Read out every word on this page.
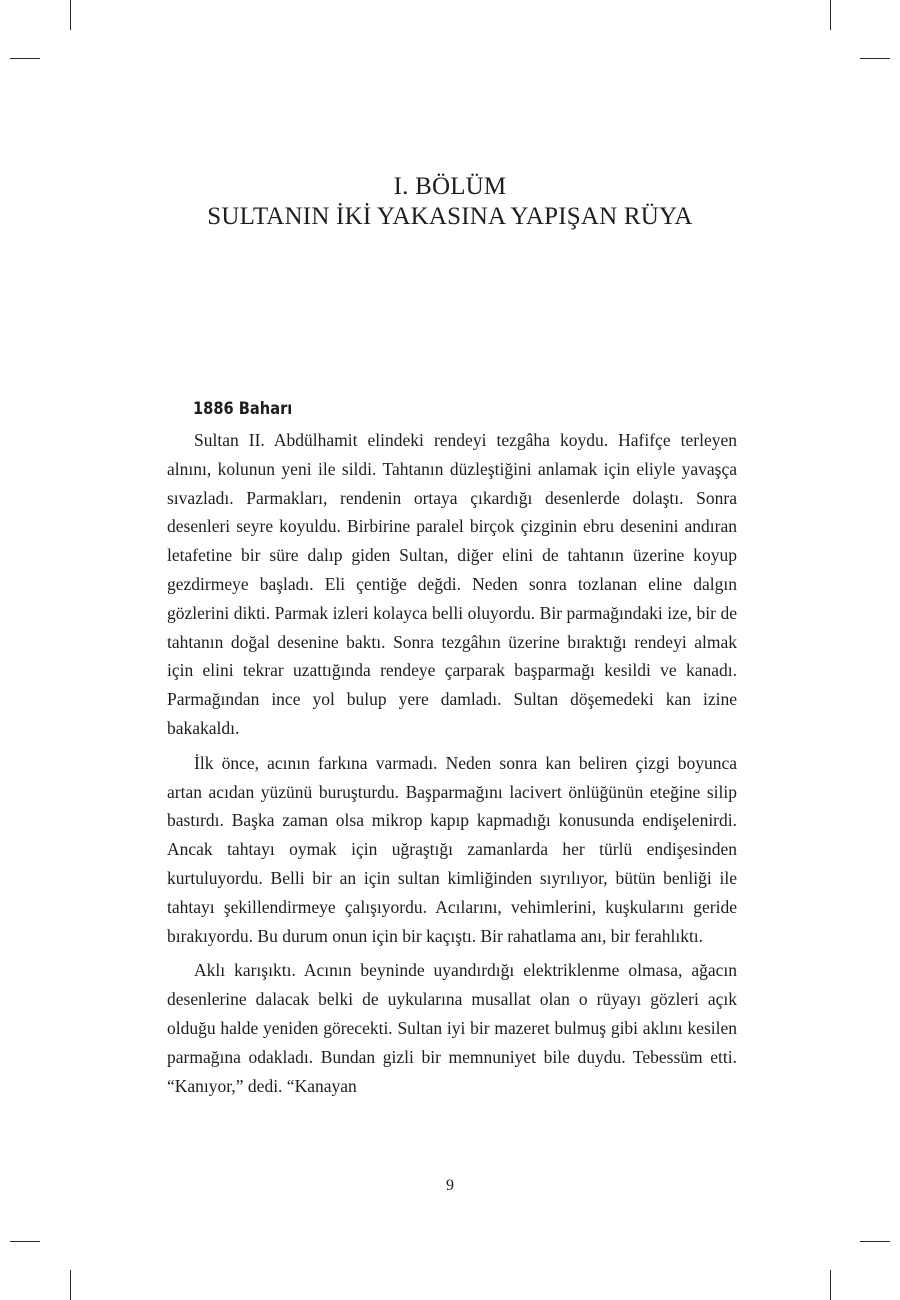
I. BÖLÜM
SULTANIN İKİ YAKASINA YAPIŞAN RÜYA
1886 Baharı

Sultan II. Abdülhamit elindeki rendeyi tezgâha koydu. Hafifçe terleyen alnını, kolunun yeni ile sildi. Tahtanın düzleştiğini anlamak için eliyle yavaşça sıvazladı. Parmakları, rendenin ortaya çıkardığı desenlerde dolaştı. Sonra desenleri seyre koyuldu. Birbirine paralel birçok çizginin ebru desenini andıran letafetine bir süre dalıp giden Sultan, diğer elini de tahtanın üzerine koyup gezdirmeye başladı. Eli çentiğe değdi. Neden sonra tozlanan eline dalgın gözlerini dikti. Parmak izleri kolayca belli oluyordu. Bir parmağındaki ize, bir de tahtanın doğal desenine baktı. Sonra tezgâhın üzerine bıraktığı rendeyi almak için elini tekrar uzattığında rendeye çarparak başparmağı kesildi ve kanadı. Parmağından ince yol bulup yere damladı. Sultan döşemedeki kan izine bakakaldı.

İlk önce, acının farkına varmadı. Neden sonra kan beliren çizgi boyunca artan acıdan yüzünü buruşturdu. Başparmağını lacivert önlüğünün eteğine silip bastırdı. Başka zaman olsa mikrop kapıp kapmadığı konusunda endişelenirdi. Ancak tahtayı oymak için uğraştığı zamanlarda her türlü endişesinden kurtuluyordu. Belli bir an için sultan kimliğinden sıyrılıyor, bütün benliği ile tahtayı şekillendirmeye çalışıyordu. Acılarını, vehimlerini, kuşkularını geride bırakıyordu. Bu durum onun için bir kaçıştı. Bir rahatlama anı, bir ferahlıktı.

Aklı karışıktı. Acının beyninde uyandırdığı elektriklenme olmasa, ağacın desenlerine dalacak belki de uykularına musallat olan o rüyayı gözleri açık olduğu halde yeniden görecekti. Sultan iyi bir mazeret bulmuş gibi aklını kesilen parmağına odakladı. Bundan gizli bir memnuniyet bile duydu. Tebessüm etti. “Kanıyor,” dedi. “Kanayan

9
